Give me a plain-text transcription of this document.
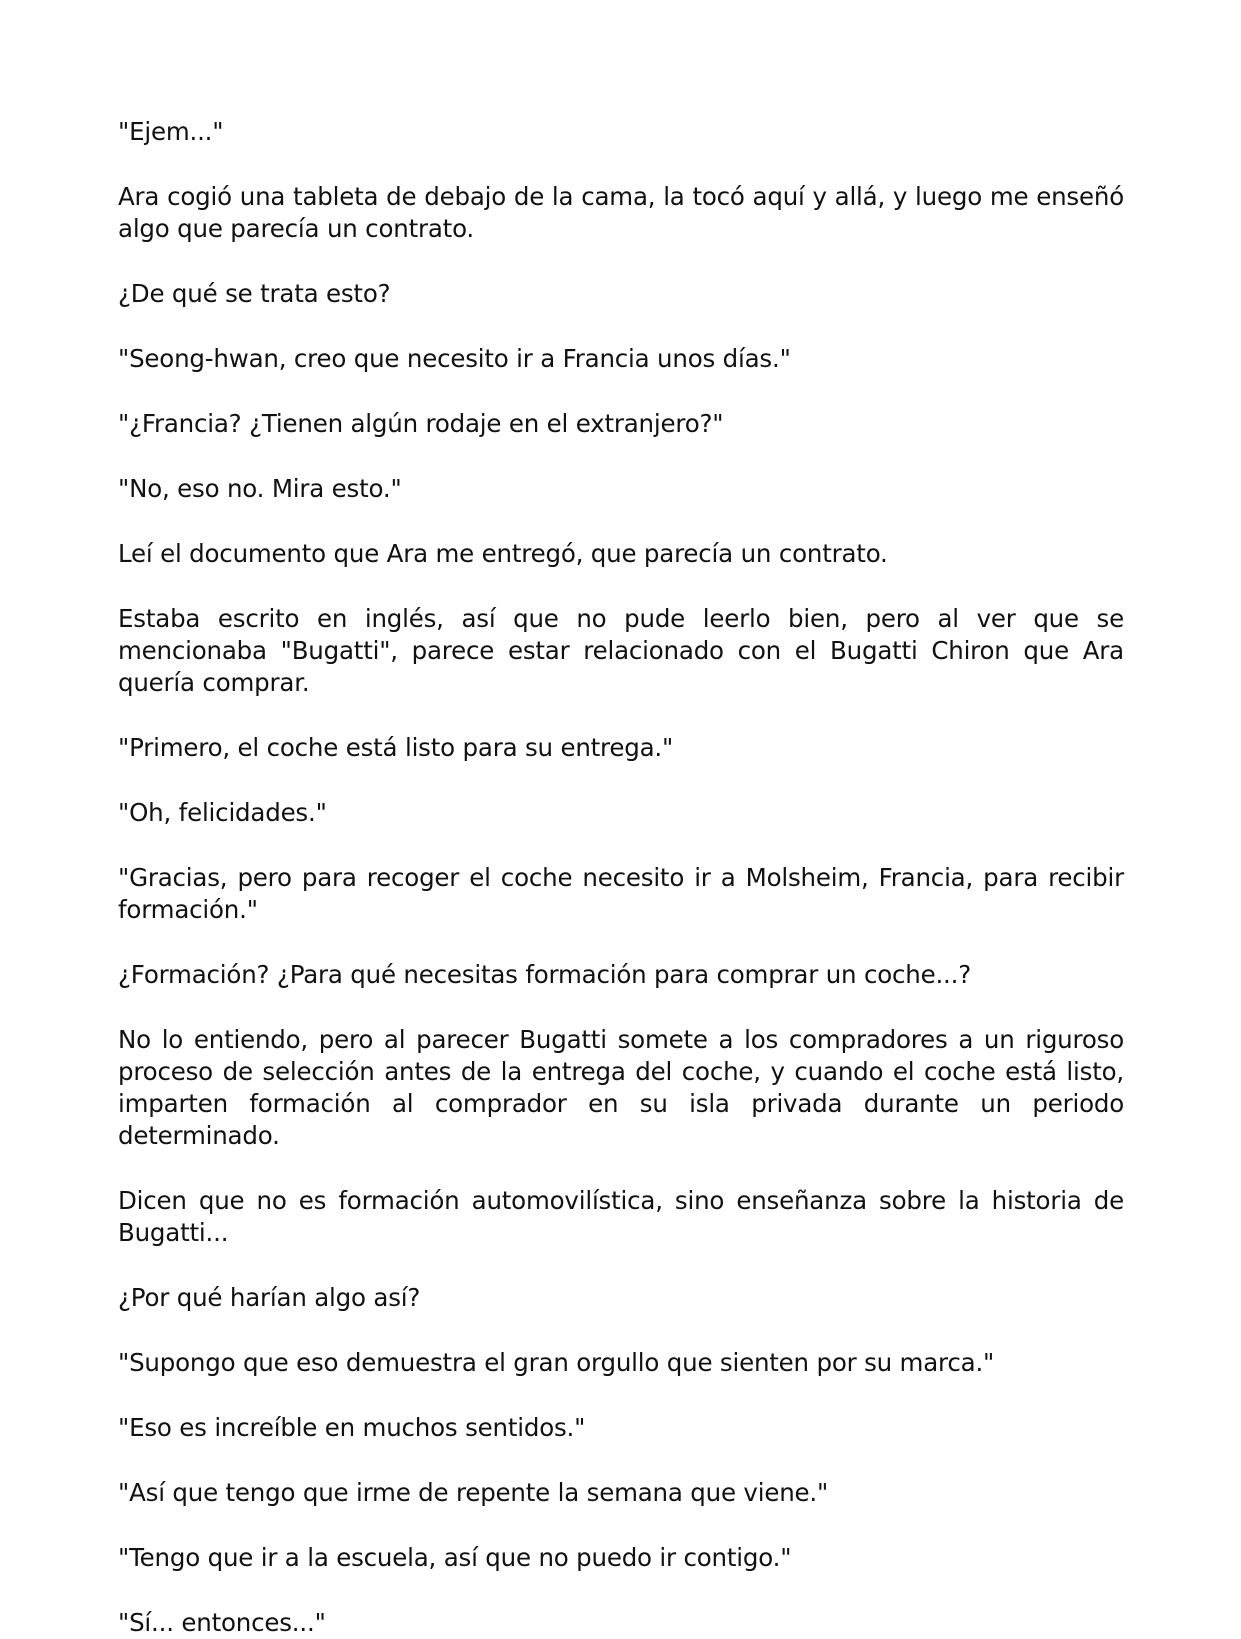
"Ejem..."

Ara cogió una tableta de debajo de la cama, la tocó aquí y allá, y luego me enseñó algo que parecía un contrato.

¿De qué se trata esto?

"Seong-hwan, creo que necesito ir a Francia unos días."

"¿Francia? ¿Tienen algún rodaje en el extranjero?"

"No, eso no. Mira esto."

Leí el documento que Ara me entregó, que parecía un contrato.

Estaba escrito en inglés, así que no pude leerlo bien, pero al ver que se mencionaba "Bugatti", parece estar relacionado con el Bugatti Chiron que Ara quería comprar.

"Primero, el coche está listo para su entrega."

"Oh, felicidades."

"Gracias, pero para recoger el coche necesito ir a Molsheim, Francia, para recibir formación."

¿Formación? ¿Para qué necesitas formación para comprar un coche...?

No lo entiendo, pero al parecer Bugatti somete a los compradores a un riguroso proceso de selección antes de la entrega del coche, y cuando el coche está listo, imparten formación al comprador en su isla privada durante un periodo determinado.

Dicen que no es formación automovilística, sino enseñanza sobre la historia de Bugatti...

¿Por qué harían algo así?

"Supongo que eso demuestra el gran orgullo que sienten por su marca."

"Eso es increíble en muchos sentidos."

"Así que tengo que irme de repente la semana que viene."

"Tengo que ir a la escuela, así que no puedo ir contigo."

"Sí... entonces..."
